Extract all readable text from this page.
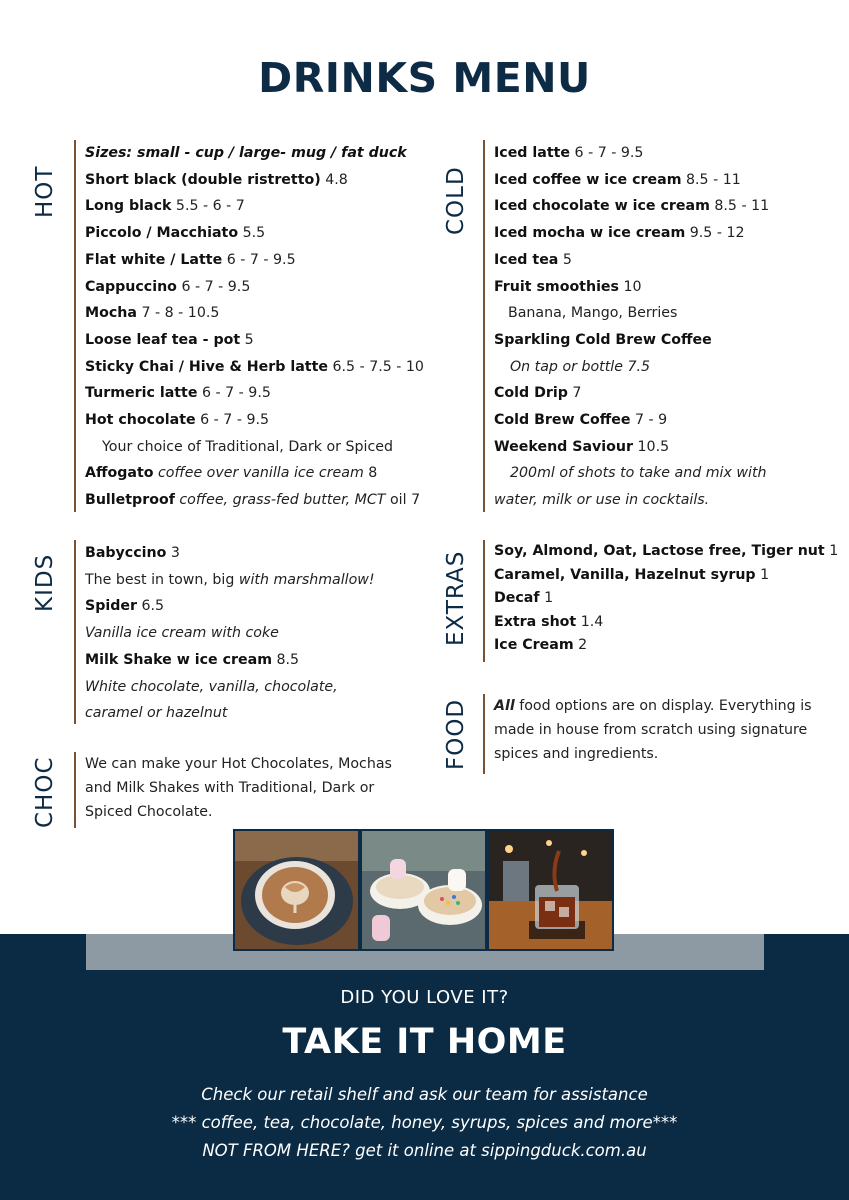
DRINKS MENU
HOT
Sizes: small - cup / large- mug / fat duck
Short black (double ristretto) 4.8
Long black 5.5 - 6 - 7
Piccolo / Macchiato 5.5
Flat white / Latte 6 - 7 - 9.5
Cappuccino 6 - 7 - 9.5
Mocha 7 - 8 - 10.5
Loose leaf tea - pot 5
Sticky Chai / Hive & Herb latte 6.5 - 7.5 - 10
Turmeric latte 6 - 7 - 9.5
Hot chocolate 6 - 7 - 9.5
Your choice of Traditional, Dark or Spiced
Affogato coffee over vanilla ice cream 8
Bulletproof coffee, grass-fed butter, MCT oil 7
COLD
Iced latte 6 - 7 - 9.5
Iced coffee w ice cream 8.5 - 11
Iced chocolate w ice cream 8.5 - 11
Iced mocha w ice cream 9.5 - 12
Iced tea 5
Fruit smoothies 10
Banana, Mango, Berries
Sparkling Cold Brew Coffee
On tap or bottle 7.5
Cold Drip 7
Cold Brew Coffee 7 - 9
Weekend Saviour 10.5
200ml of shots to take and mix with
water, milk or use in cocktails.
KIDS
Babyccino 3
The best in town, big with marshmallow!
Spider 6.5
Vanilla ice cream with coke
Milk Shake w ice cream 8.5
White chocolate, vanilla, chocolate,
caramel or hazelnut
EXTRAS Soy, Almond, Oat, Lactose free, Tiger nut 1
Caramel, Vanilla, Hazelnut syrup 1
Decaf 1
Extra shot 1.4
Ice Cream 2
CHOC We can make your Hot Chocolates, Mochas
and Milk Shakes with Traditional, Dark or
Spiced Chocolate.
FOOD All food options are on display. Everything is
made in house from scratch using signature
spices and ingredients.
DID YOU LOVE IT?
TAKE IT HOME
Check our retail shelf and ask our team for assistance
*** coffee, tea, chocolate, honey, syrups, spices and more***
NOT FROM HERE? get it online at sippingduck.com.au
